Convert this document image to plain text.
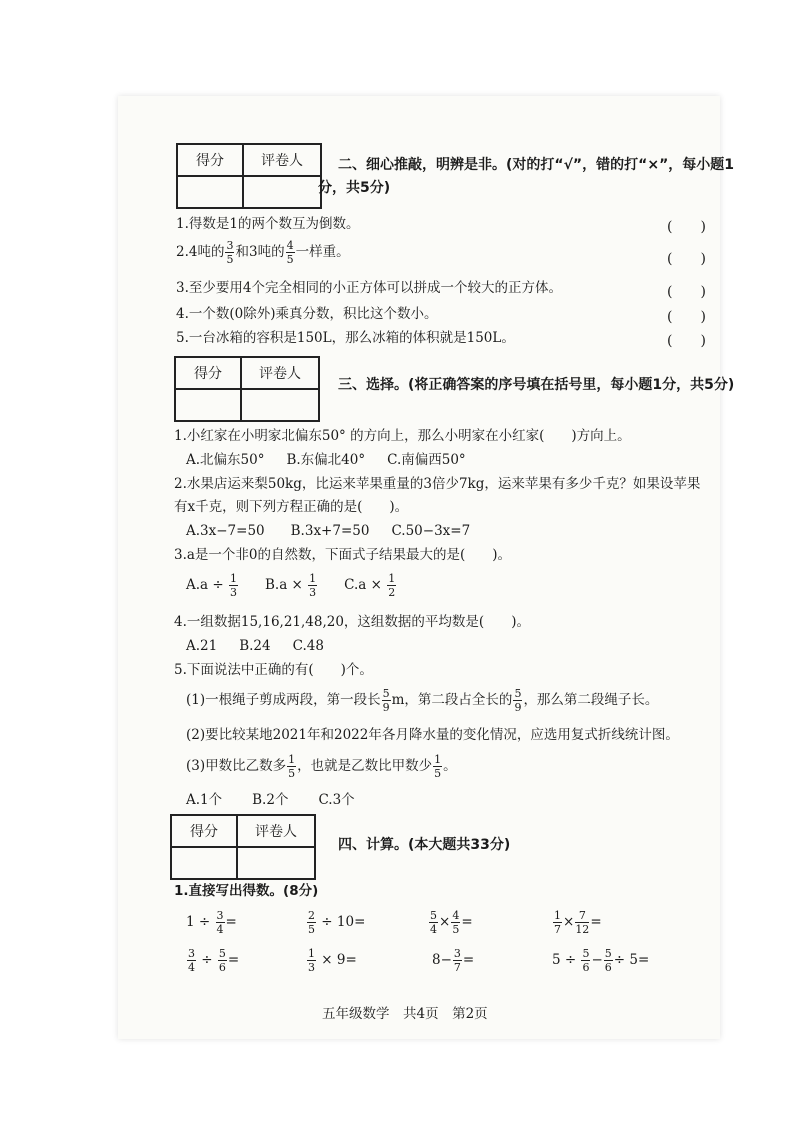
得分	评卷人
		二、细心推敲，明辨是非。(对的打“√”，错的打“×”，每小题1
分，共5分)
1.得数是1的两个数互为倒数。	(　　)
2.4吨的 $\frac{3}{5}$ 和3吨的 $\frac{4}{5}$ 一样重。	(　　)
3.至少要用4个完全相同的小正方体可以拼成一个较大的正方体。	(　　)
4.一个数(0除外)乘真分数，积比这个数小。	(　　)
5.一台冰箱的容积是150L，那么冰箱的体积就是150L。	(　　)
得分	评卷人

三、选择。(将正确答案的序号填在括号里，每小题1分，共5分)
1.小红家在小明家北偏东50° 的方向上，那么小明家在小红家(　　)方向上。
A.北偏东50° B.东偏北40° C.南偏西50°
2.水果店运来梨50kg，比运来苹果重量的3倍少7kg，运来苹果有多少千克？如果设苹果
有x千克，则下列方程正确的是(　　)。
A.3x−7=50 B.3x+7=50 C.50−3x=7
3.a是一个非0的自然数，下面式子结果最大的是(　　)。
$A.a \div \frac{1}{3} B.a \times \frac{1}{3} C.a \times \frac{1}{2}$
4.一组数据15,16,21,48,20，这组数据的平均数是(　　)。
A.21 B.24 C.48
5.下面说法中正确的有(　　)个。
(1)一根绳子剪成两段，第一段长 $\frac{5}{9}$ m，第二段占全长的 $\frac{5}{9}$ ，那么第二段绳子长。
(2)要比较某地2021年和2022年各月降水量的变化情况，应选用复式折线统计图。
(3)甲数比乙数多 $\frac{1}{5}$ ，也就是乙数比甲数少 $\frac{1}{5}$ 。
A.1个 B.2个 C.3个
得分	评卷人

四、计算。(本大题共33分)
1.直接写出得数。(8分)
$1 \div \frac{3}{4}$ =	$\frac{2}{5} \div 10=$	$\frac{5}{4} \times \frac{4}{5}$ =	$\frac{1}{7} \times \frac{7}{12}$ =
$\frac{3}{4} \div \frac{5}{6}$ =	$\frac{1}{3} \times 9=$	$8- \frac{3}{7}$ =	$5 \div \frac{5}{6} - \frac{5}{6} \div 5=$
五年级数学　 共4页　 第2页
